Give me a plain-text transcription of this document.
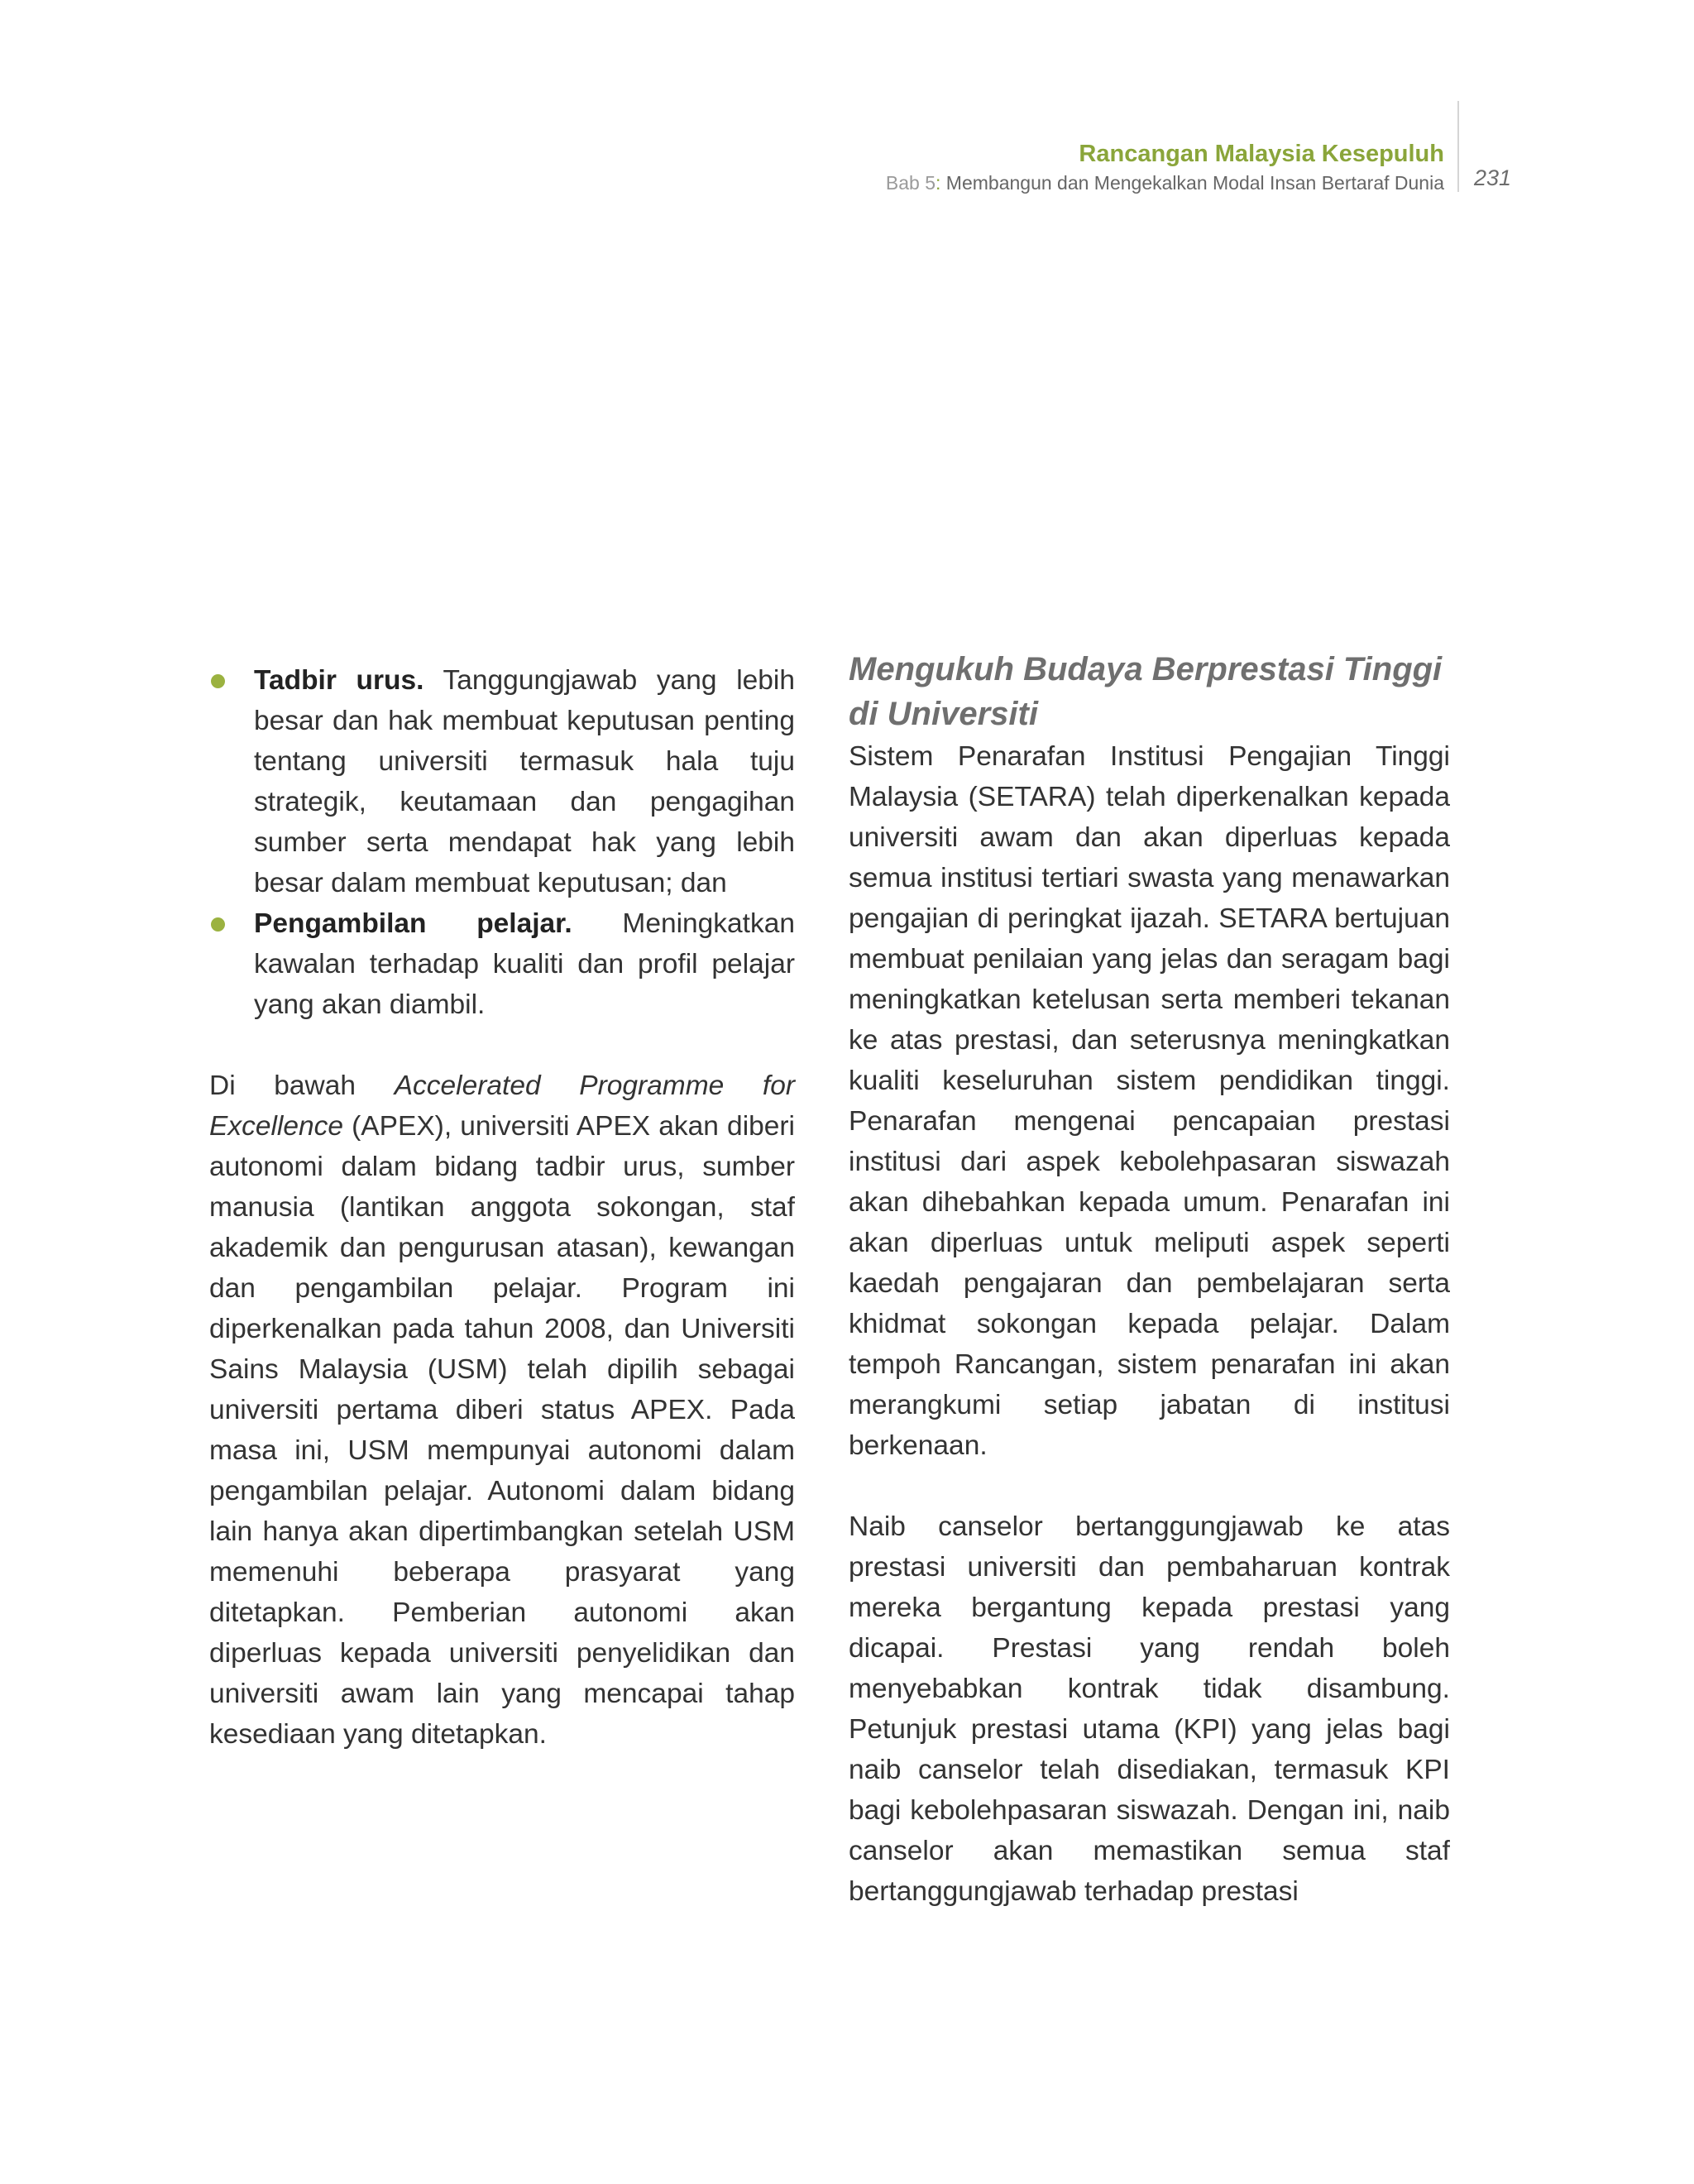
Rancangan Malaysia Kesepuluh
Bab 5: Membangun dan Mengekalkan Modal Insan Bertaraf Dunia 231
Tadbir urus. Tanggungjawab yang lebih besar dan hak membuat keputusan penting tentang universiti termasuk hala tuju strategik, keutamaan dan pengagihan sumber serta mendapat hak yang lebih besar dalam membuat keputusan; dan
Pengambilan pelajar. Meningkatkan kawalan terhadap kualiti dan profil pelajar yang akan diambil.

Di bawah Accelerated Programme for Excellence (APEX), universiti APEX akan diberi autonomi dalam bidang tadbir urus, sumber manusia (lantikan anggota sokongan, staf akademik dan pengurusan atasan), kewangan dan pengambilan pelajar. Program ini diperkenalkan pada tahun 2008, dan Universiti Sains Malaysia (USM) telah dipilih sebagai universiti pertama diberi status APEX. Pada masa ini, USM mempunyai autonomi dalam pengambilan pelajar. Autonomi dalam bidang lain hanya akan dipertimbangkan setelah USM memenuhi beberapa prasyarat yang ditetapkan. Pemberian autonomi akan diperluas kepada universiti penyelidikan dan universiti awam lain yang mencapai tahap kesediaan yang ditetapkan.

Mengukuh Budaya Berprestasi Tinggi di Universiti

Sistem Penarafan Institusi Pengajian Tinggi Malaysia (SETARA) telah diperkenalkan kepada universiti awam dan akan diperluas kepada semua institusi tertiari swasta yang menawarkan pengajian di peringkat ijazah. SETARA bertujuan membuat penilaian yang jelas dan seragam bagi meningkatkan ketelusan serta memberi tekanan ke atas prestasi, dan seterusnya meningkatkan kualiti keseluruhan sistem pendidikan tinggi. Penarafan mengenai pencapaian prestasi institusi dari aspek kebolehpasaran siswazah akan dihebahkan kepada umum. Penarafan ini akan diperluas untuk meliputi aspek seperti kaedah pengajaran dan pembelajaran serta khidmat sokongan kepada pelajar. Dalam tempoh Rancangan, sistem penarafan ini akan merangkumi setiap jabatan di institusi berkenaan.

Naib canselor bertanggungjawab ke atas prestasi universiti dan pembaharuan kontrak mereka bergantung kepada prestasi yang dicapai. Prestasi yang rendah boleh menyebabkan kontrak tidak disambung. Petunjuk prestasi utama (KPI) yang jelas bagi naib canselor telah disediakan, termasuk KPI bagi kebolehpasaran siswazah. Dengan ini, naib canselor akan memastikan semua staf bertanggungjawab terhadap prestasi
